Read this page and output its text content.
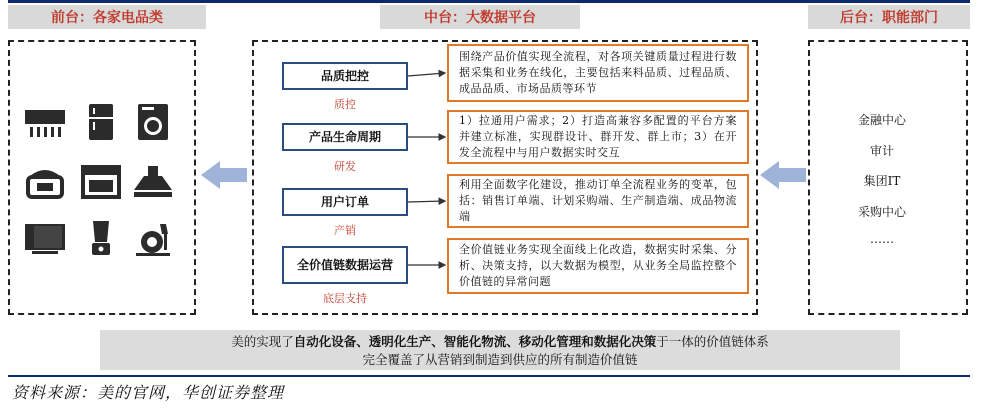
前台：各家电品类	中台：大数据平台	后台：职能部门
品质把控
质控
围绕产品价值实现全流程，对各项关键质量过程进行数据采集和业务在线化，主要包括来料品质、过程品质、成品品质、市场品质等环节
产品生命周期
研发
1）拉通用户需求；2）打造高兼容多配置的平台方案并建立标准，实现群设计、群开发、群上市；3）在开发全流程中与用户数据实时交互
用户订单
产销
利用全面数字化建设，推动订单全流程业务的变革，包括：销售订单端、计划采购端、生产制造端、成品物流端
全价值链数据运营
底层支持
全价值链业务实现全面线上化改造，数据实时采集、分析、决策支持，以大数据为模型，从业务全局监控整个价值链的异常问题
金融中心
审计
集团IT
采购中心
……
美的实现了自动化设备、透明化生产、智能化物流、移动化管理和数据化决策于一体的价值链体系
完全覆盖了从营销到制造到供应的所有制造价值链
资料来源：美的官网，华创证券整理
